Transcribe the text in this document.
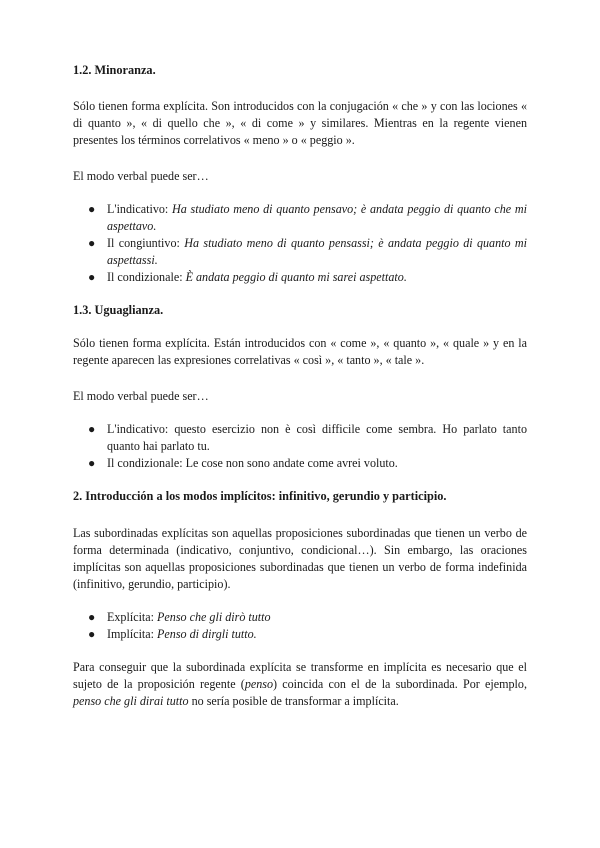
1.2. Minoranza.

Sólo tienen forma explícita. Son introducidos con la conjugación « che » y con las lociones « di quanto », « di quello che », « di come » y similares. Mientras en la regente vienen presentes los términos correlativos « meno » o « peggio ».

El modo verbal puede ser…

● L'indicativo: Ha studiato meno di quanto pensavo; è andata peggio di quanto che mi aspettavo.
● Il congiuntivo: Ha studiato meno di quanto pensassi; è andata peggio di quanto mi aspettassi.
● Il condizionale: È andata peggio di quanto mi sarei aspettato.
1.3. Uguaglianza.

Sólo tienen forma explícita. Están introducidos con « come », « quanto », « quale » y en la regente aparecen las expresiones correlativas « così », « tanto », « tale ».

El modo verbal puede ser…

● L'indicativo: questo esercizio non è così difficile come sembra. Ho parlato tanto quanto hai parlato tu.
● Il condizionale: Le cose non sono andate come avrei voluto.
2. Introducción a los modos implícitos: infinitivo, gerundio y participio.

Las subordinadas explícitas son aquellas proposiciones subordinadas que tienen un verbo de forma determinada (indicativo, conjuntivo, condicional…). Sin embargo, las oraciones implícitas son aquellas proposiciones subordinadas que tienen un verbo de forma indefinida (infinitivo, gerundio, participio).

● Explícita: Penso che gli dirò tutto
● Implícita: Penso di dirgli tutto.

Para conseguir que la subordinada explícita se transforme en implícita es necesario que el sujeto de la proposición regente (penso) coincida con el de la subordinada. Por ejemplo, penso che gli dirai tutto no sería posible de transformar a implícita.
